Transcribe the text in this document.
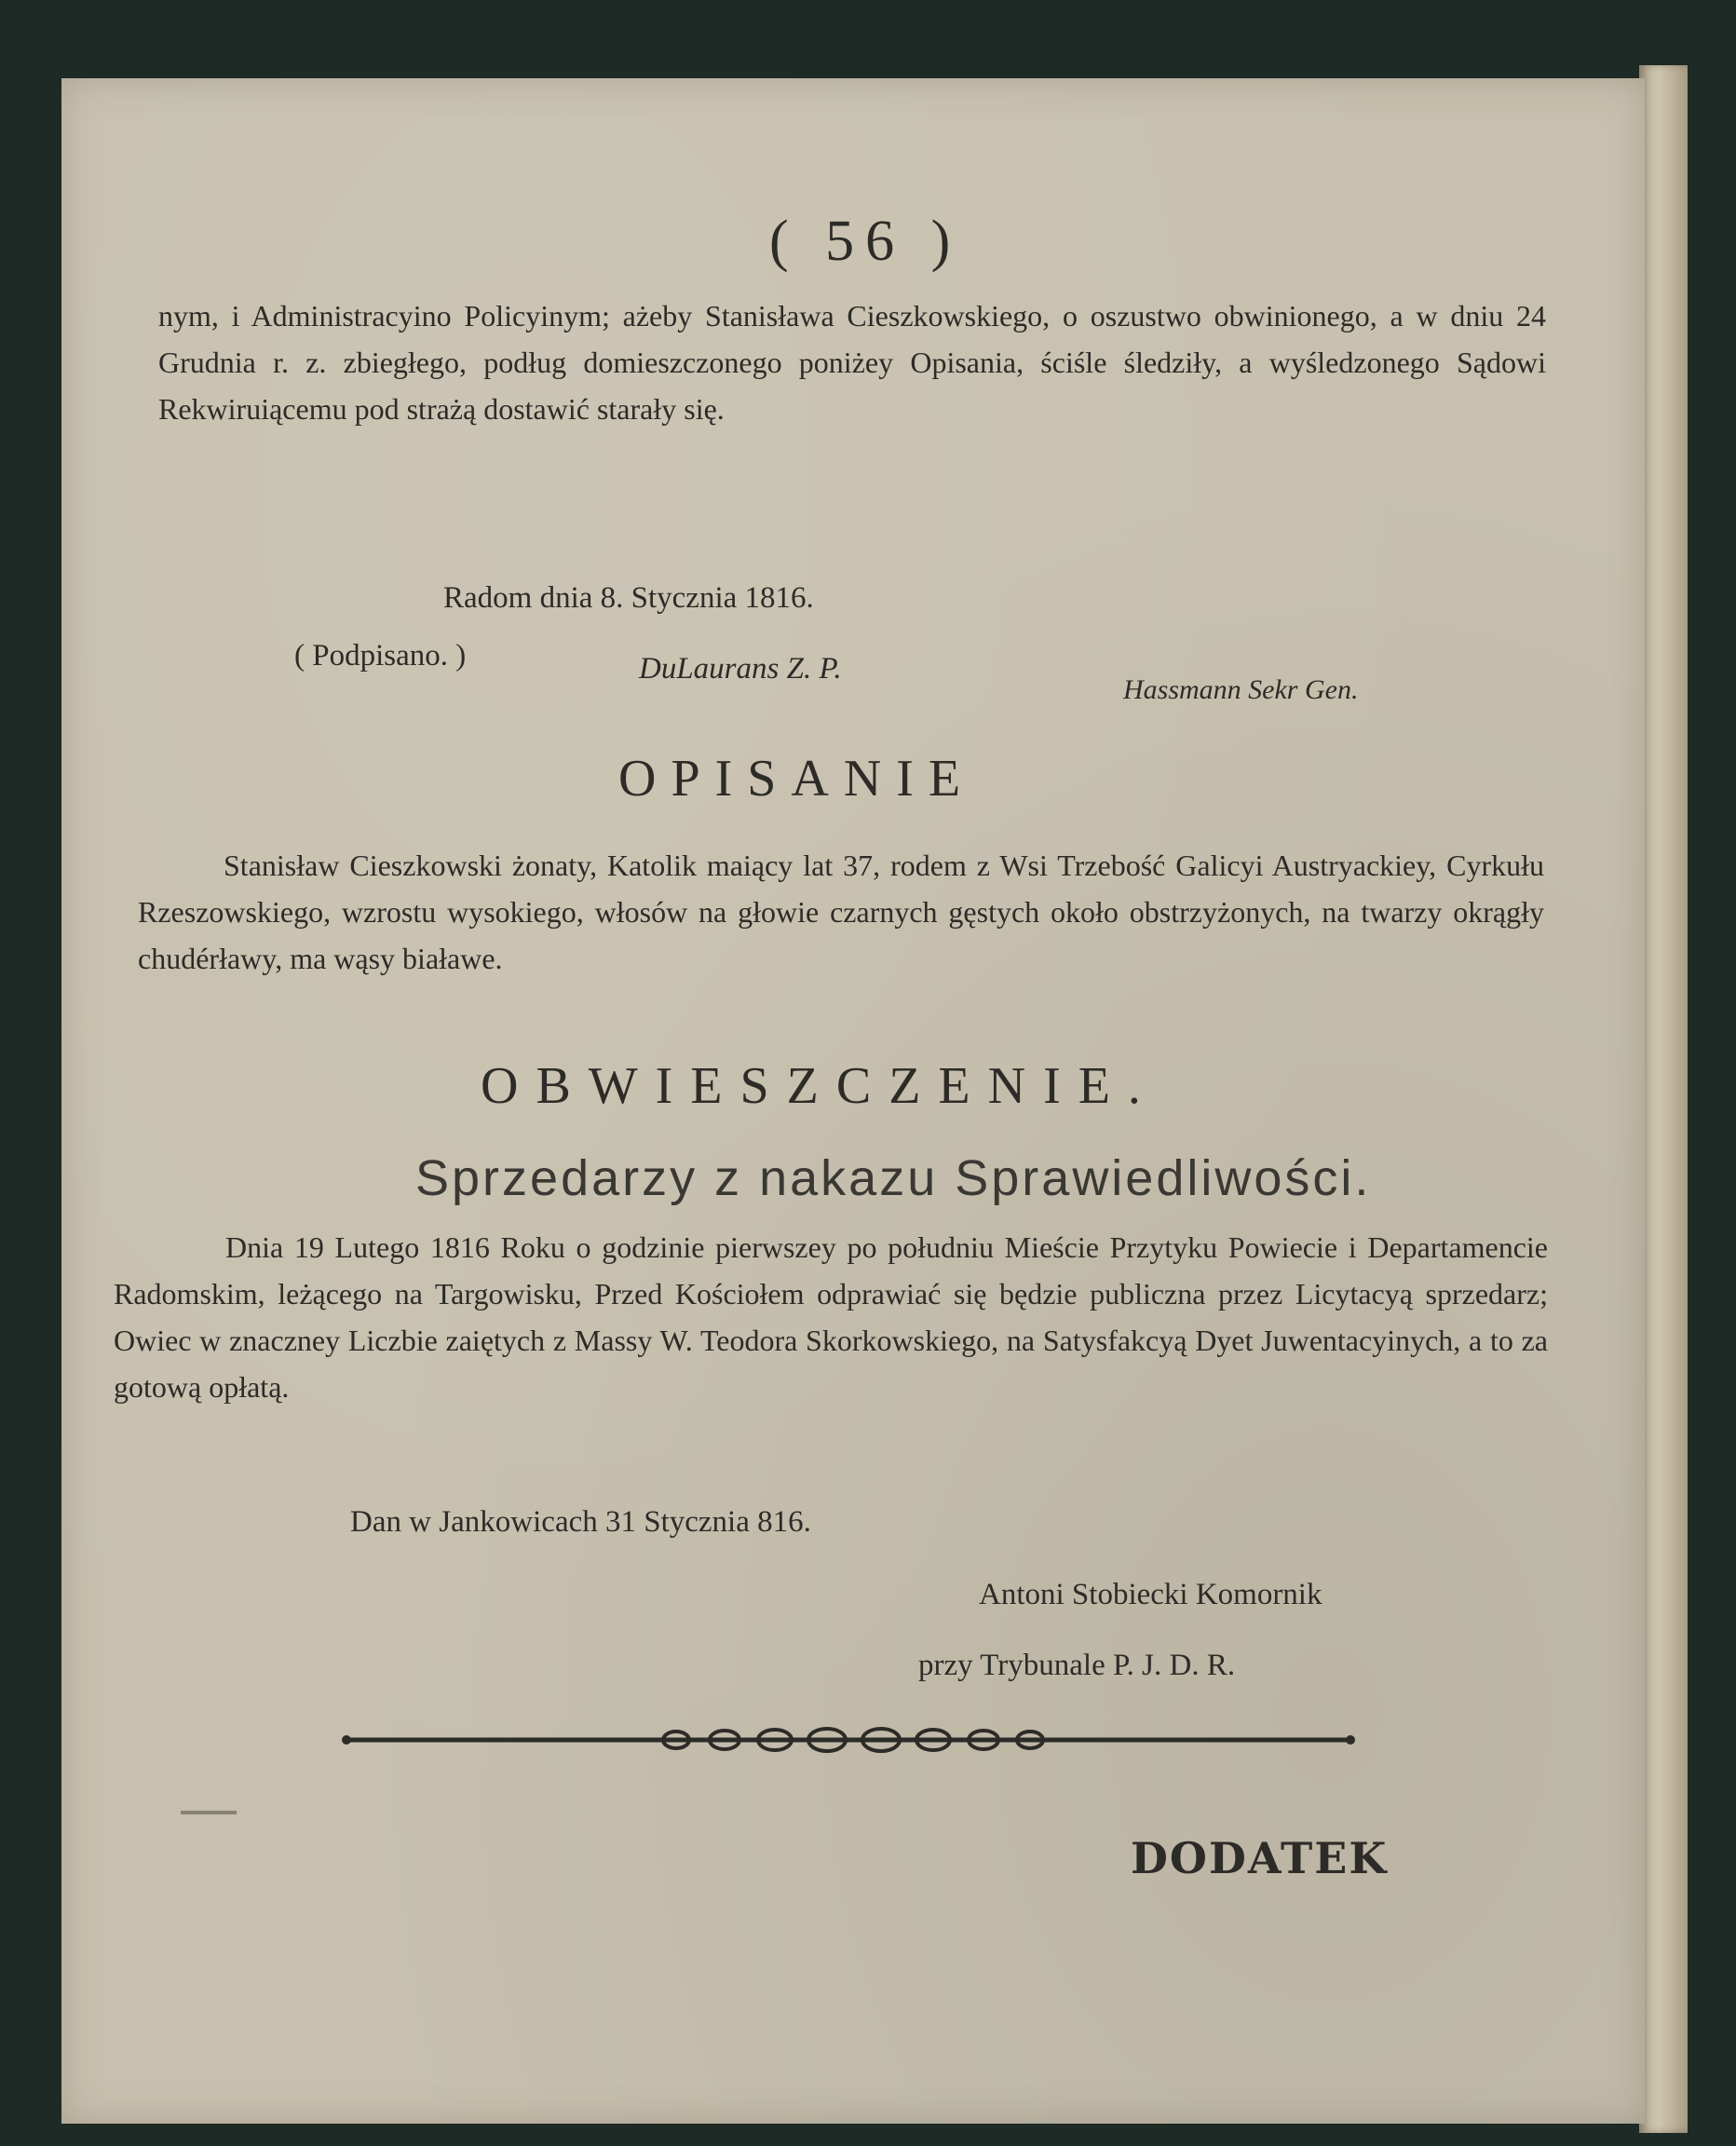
( 56 )

nym, i Administracyino Policyinym; ażeby Stanisława Cieszkowskiego, o oszustwo obwinionego, a w dniu 24 Grudnia r. z. zbiegłego, podług domieszczonego poniżey Opisania, ściśle śledziły, a wyśledzonego Sądowi Rekwiruiącemu pod strażą dostawić starały się.

Radom dnia 8. Stycznia 1816.

( Podpisano. )	DuLaurans Z. P.

Hassmann Sekr Gen.

OPISANIE

Stanisław Cieszkowski żonaty, Katolik maiący lat 37, rodem z Wsi Trzebość Galicyi Austryackiey, Cyrkułu Rzeszowskiego, wzrostu wysokiego, włosów na głowie czarnych gęstych około obstrzyżonych, na twarzy okrągły chudérławy, ma wąsy białawe.

OBWIESZCZENIE.

Sprzedarzy z nakazu Sprawiedliwości.

Dnia 19 Lutego 1816 Roku o godzinie pierwszey po południu Mieście Przytyku Powiecie i Departamencie Radomskim, leżącego na Targowisku, Przed Kościołem odprawiać się będzie publiczna przez Licytacyą sprzedarz; Owiec w znaczney Liczbie zaiętych z Massy W. Teodora Skorkowskiego, na Satysfakcyą Dyet Juwentacyinych, a to za gotową opłatą.

Dan w Jankowicach 31 Stycznia 816.

Antoni Stobiecki Komornik

przy Trybunale P. J. D. R.

DODATEK
